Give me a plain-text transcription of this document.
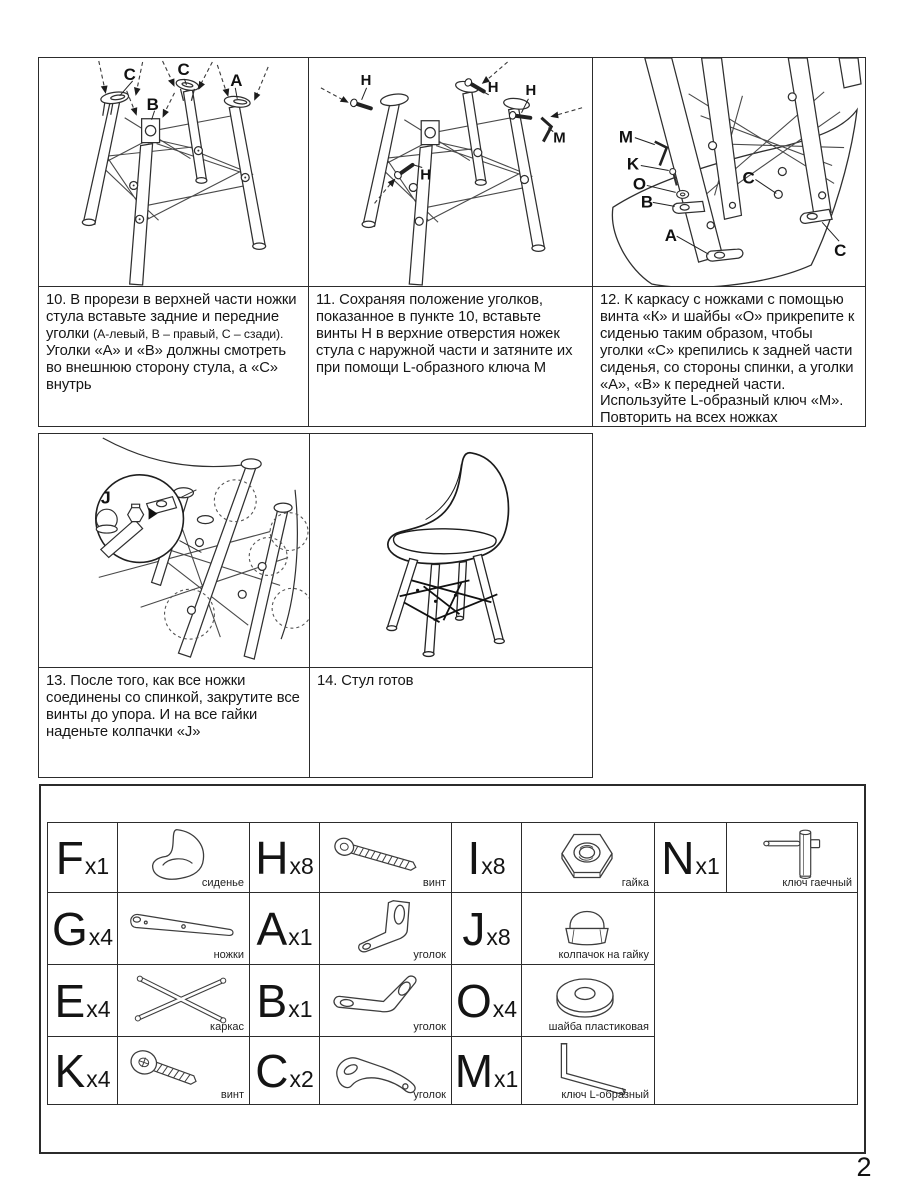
C C
A
B
H	H H
H
M	M
K
O
B
A
C
C
10. В прорези в верхней части ножки стула вставьте задние и передние уголки (А-левый, В – правый, С – сзади). Уголки «А» и «В» должны смотреть во внешнюю сторону стула, а «С» внутрь
11. Сохраняя положение уголков, показанное в пункте 10, вставьте винты Н в верхние отверстия ножек стула с наружной части и затяните их при помощи L-образного ключа М
12. К каркасу с ножками с помощью винта «К» и шайбы «О» прикрепите к сиденью таким образом, чтобы уголки «С» крепились к задней части сиденья, со стороны спинки, а уголки «А», «В» к передней части. Используйте L-образный ключ «М». Повторить на всех ножках
J
13. После того, как все ножки соединены со спинкой, закрутите все винты до упора. И на все гайки наденьте колпачки «J»
14. Стул готов
F x1
сиденье H x8
винт I x8
гайка N x1
ключ гаечный
G x4
ножки
A x1
уголок
J x8
колпачок на гайку
E x4
каркас
B x1
уголок
O x4
шайба пластиковая
K x4
винт C x2
уголок M x1
ключ L-образный
2
